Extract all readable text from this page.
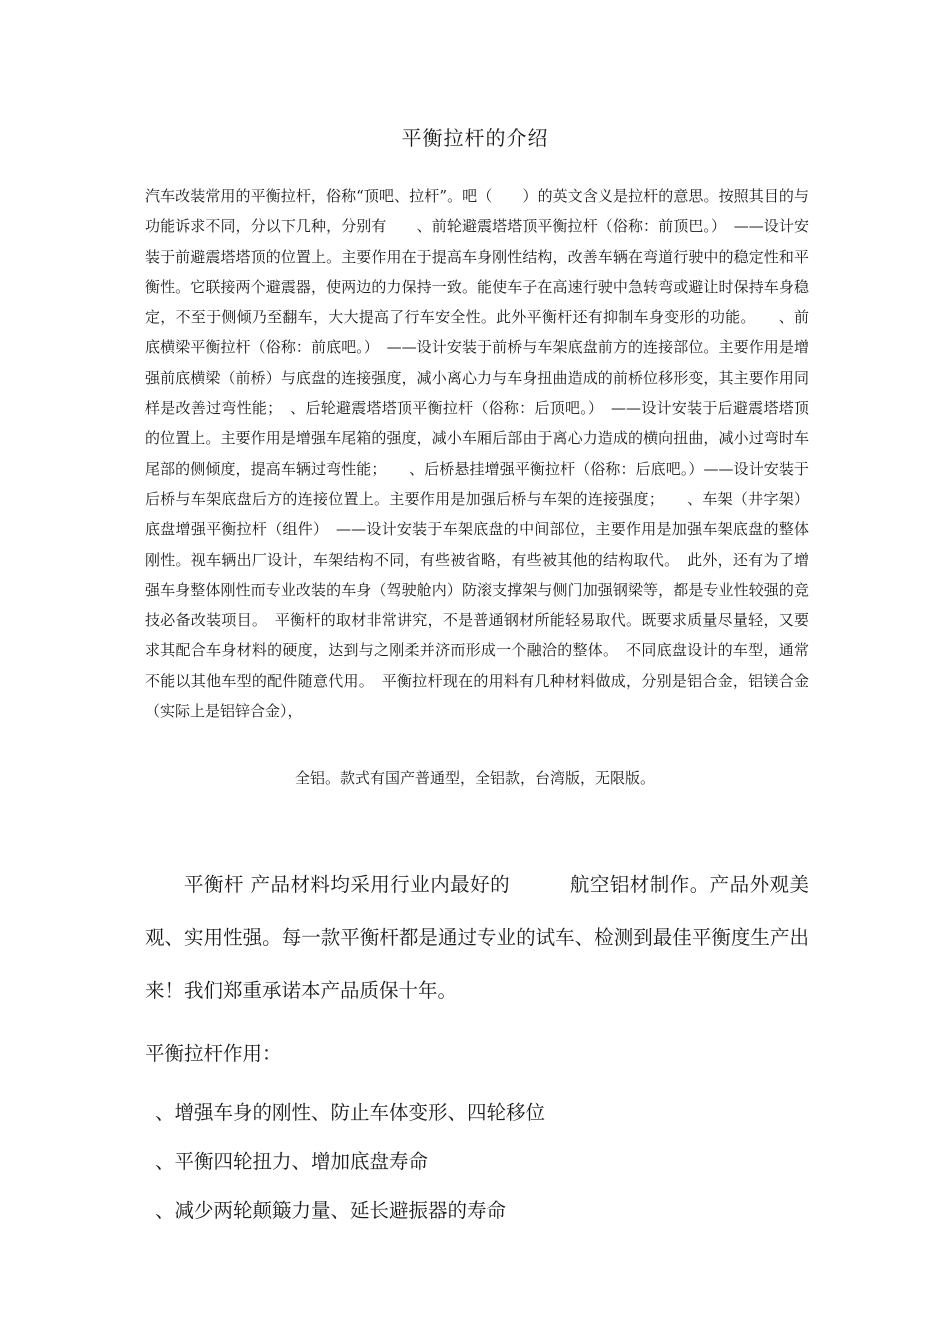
平衡拉杆的介绍

汽车改装常用的平衡拉杆，俗称“顶吧、拉杆”。吧（　　）的英文含义是拉杆的意思。按照其目的与功能诉求不同，分以下几种，分别有　　、前轮避震塔塔顶平衡拉杆（俗称：前顶巴。）　——设计安装于前避震塔塔顶的位置上。主要作用在于提高车身刚性结构，改善车辆在弯道行驶中的稳定性和平衡性。它联接两个避震器，使两边的力保持一致。能使车子在高速行驶中急转弯或避让时保持车身稳定，不至于侧倾乃至翻车，大大提高了行车安全性。此外平衡杆还有抑制车身变形的功能。　　、前底横梁平衡拉杆（俗称：前底吧。）　——设计安装于前桥与车架底盘前方的连接部位。主要作用是增强前底横梁（前桥）与底盘的连接强度，减小离心力与车身扭曲造成的前桥位移形变，其主要作用同样是改善过弯性能；　、后轮避震塔塔顶平衡拉杆（俗称：后顶吧。）　——设计安装于后避震塔塔顶的位置上。主要作用是增强车尾箱的强度，减小车厢后部由于离心力造成的横向扭曲，减小过弯时车尾部的侧倾度，提高车辆过弯性能；　　、后桥悬挂增强平衡拉杆（俗称：后底吧。）——设计安装于后桥与车架底盘后方的连接位置上。主要作用是加强后桥与车架的连接强度；　　、车架（井字架）底盘增强平衡拉杆（组件）　——设计安装于车架底盘的中间部位，主要作用是加强车架底盘的整体刚性。视车辆出厂设计，车架结构不同，有些被省略，有些被其他的结构取代。　此外，还有为了增强车身整体刚性而专业改装的车身（驾驶舱内）防滚支撑架与侧门加强钢梁等，都是专业性较强的竞技必备改装项目。　平衡杆的取材非常讲究，不是普通钢材所能轻易取代。既要求质量尽量轻，又要求其配合车身材料的硬度，达到与之刚柔并济而形成一个融洽的整体。　不同底盘设计的车型，通常不能以其他车型的配件随意代用。　平衡拉杆现在的用料有几种材料做成，分别是铝合金，铝镁合金（实际上是铝锌合金），

全铝。款式有国产普通型，全铝款，台湾版，无限版。

平衡杆 产品材料均采用行业内最好的　　　航空铝材制作。产品外观美观、实用性强。每一款平衡杆都是通过专业的试车、检测到最佳平衡度生产出来！我们郑重承诺本产品质保十年。

平衡拉杆作用：

、增强车身的刚性、防止车体变形、四轮移位
、平衡四轮扭力、增加底盘寿命
、减少两轮颠簸力量、延长避振器的寿命
